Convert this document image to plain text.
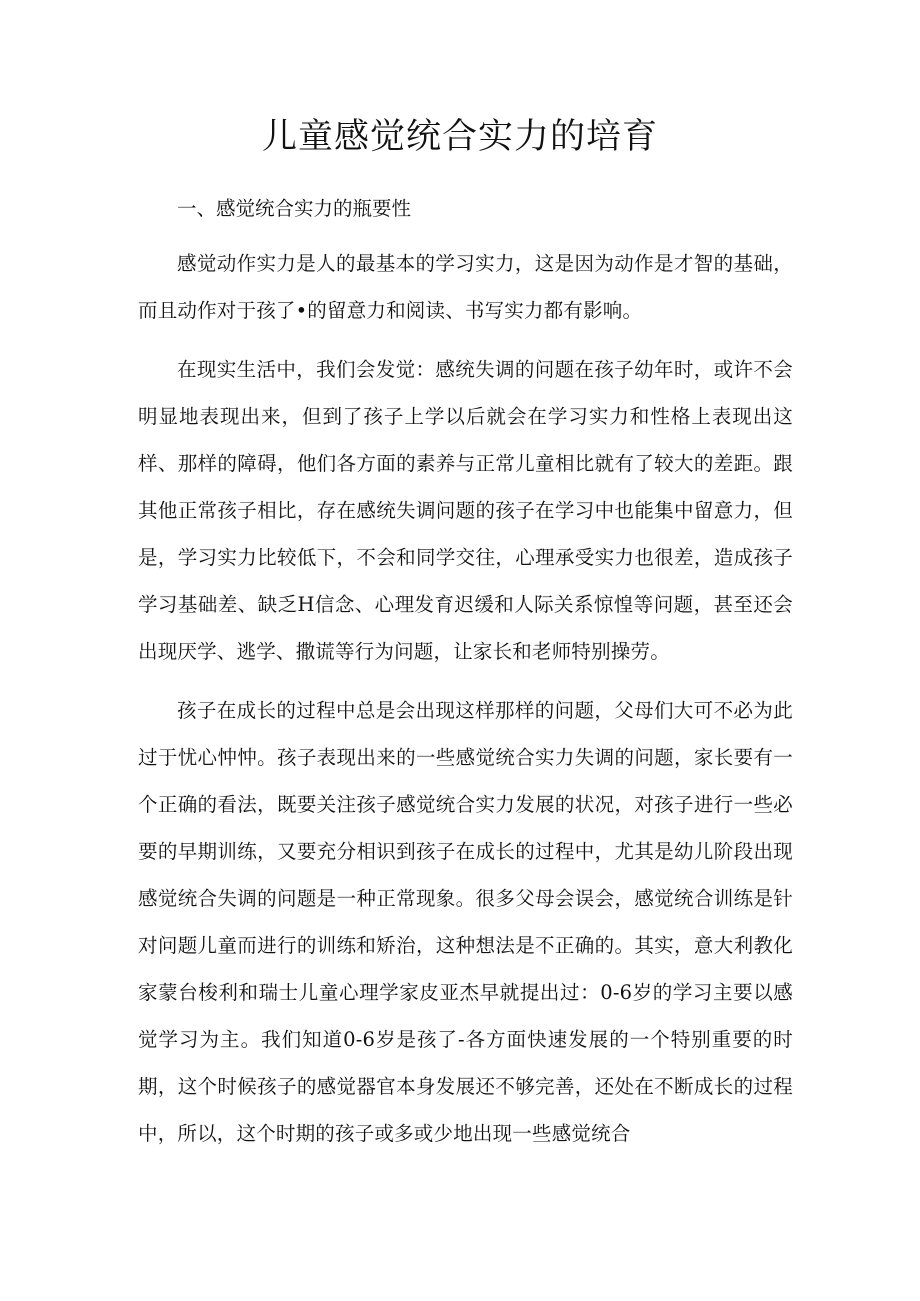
儿童感觉统合实力的培育

一、感觉统合实力的瓶要性

感觉动作实力是人的最基本的学习实力，这是因为动作是才智的基础，而且动作对于孩了•的留意力和阅读、书写实力都有影响。

在现实生活中，我们会发觉：感统失调的问题在孩子幼年时，或许不会明显地表现出来，但到了孩子上学以后就会在学习实力和性格上表现出这样、那样的障碍，他们各方面的素养与正常儿童相比就有了较大的差距。跟其他正常孩子相比，存在感统失调问题的孩子在学习中也能集中留意力，但是，学习实力比较低下，不会和同学交往，心理承受实力也很差，造成孩子学习基础差、缺乏H信念、心理发育迟缓和人际关系惊惶等问题，甚至还会出现厌学、逃学、撒谎等行为问题，让家长和老师特别操劳。

孩子在成长的过程中总是会出现这样那样的问题，父母们大可不必为此过于忧心忡忡。孩子表现出来的一些感觉统合实力失调的问题，家长要有一个正确的看法，既要关注孩子感觉统合实力发展的状况，对孩子进行一些必要的早期训练，又要充分相识到孩子在成长的过程中，尤其是幼儿阶段出现感觉统合失调的问题是一种正常现象。很多父母会误会，感觉统合训练是针对问题儿童而进行的训练和矫治，这种想法是不正确的。其实，意大利教化家蒙台梭利和瑞士儿童心理学家皮亚杰早就提出过：0-6岁的学习主要以感觉学习为主。我们知道0-6岁是孩了-各方面快速发展的一个特别重要的时期，这个时候孩子的感觉器官本身发展还不够完善，还处在不断成长的过程中，所以，这个时期的孩子或多或少地出现一些感觉统合
